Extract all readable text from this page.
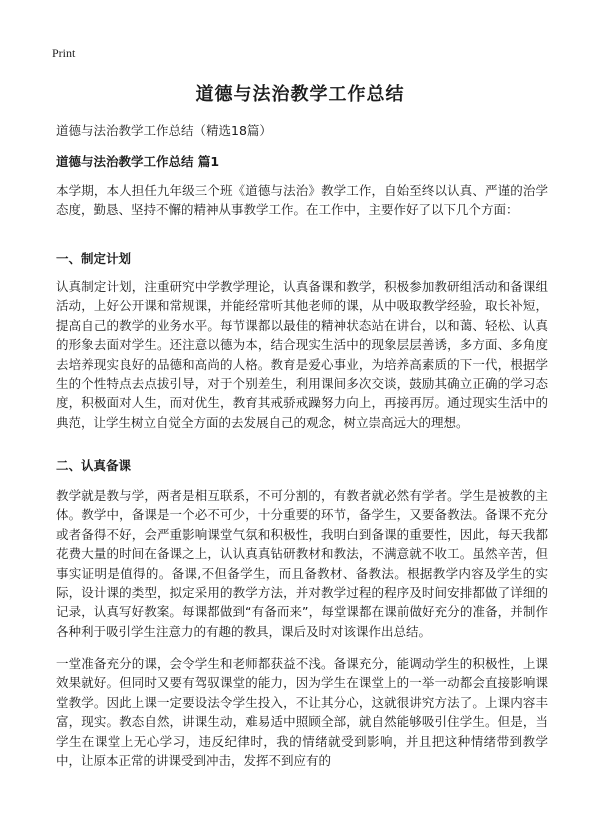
Print
道德与法治教学工作总结
道德与法治教学工作总结（精选18篇）
道德与法治教学工作总结 篇1

本学期，本人担任九年级三个班《道德与法治》教学工作，自始至终以认真、严谨的治学态度，勤恳、坚持不懈的精神从事教学工作。在工作中，主要作好了以下几个方面：

一、制定计划

认真制定计划，注重研究中学教学理论，认真备课和教学，积极参加教研组活动和备课组活动，上好公开课和常规课，并能经常听其他老师的课，从中吸取教学经验，取长补短，提高自己的教学的业务水平。每节课都以最佳的精神状态站在讲台，以和蔼、轻松、认真的形象去面对学生。还注意以德为本，结合现实生活中的现象层层善诱，多方面、多角度去培养现实良好的品德和高尚的人格。教育是爱心事业，为培养高素质的下一代，根据学生的个性特点去点拔引导，对于个别差生，利用课间多次交谈，鼓励其确立正确的学习态度，积极面对人生，而对优生，教育其戒骄戒躁努力向上，再接再厉。通过现实生活中的典范，让学生树立自觉全方面的去发展自己的观念，树立崇高远大的理想。

二、认真备课

教学就是教与学，两者是相互联系，不可分割的，有教者就必然有学者。学生是被教的主体。教学中，备课是一个必不可少，十分重要的环节，备学生，又要备教法。备课不充分或者备得不好，会严重影响课堂气氛和积极性，我明白到备课的重要性，因此，每天我都花费大量的时间在备课之上，认认真真钻研教材和教法，不满意就不收工。虽然辛苦，但事实证明是值得的。备课,不但备学生，而且备教材、备教法。根据教学内容及学生的实际，设计课的类型，拟定采用的教学方法，并对教学过程的程序及时间安排都做了详细的记录，认真写好教案。每课都做到“有备而来”，每堂课都在课前做好充分的准备，并制作各种利于吸引学生注意力的有趣的教具，课后及时对该课作出总结。

一堂准备充分的课，会令学生和老师都获益不浅。备课充分，能调动学生的积极性，上课效果就好。但同时又要有驾驭课堂的能力，因为学生在课堂上的一举一动都会直接影响课堂教学。因此上课一定要设法令学生投入，不让其分心，这就很讲究方法了。上课内容丰富，现实。教态自然，讲课生动，难易适中照顾全部，就自然能够吸引住学生。但是，当学生在课堂上无心学习，违反纪律时，我的情绪就受到影响，并且把这种情绪带到教学中，让原本正常的讲课受到冲击，发挥不到应有的
